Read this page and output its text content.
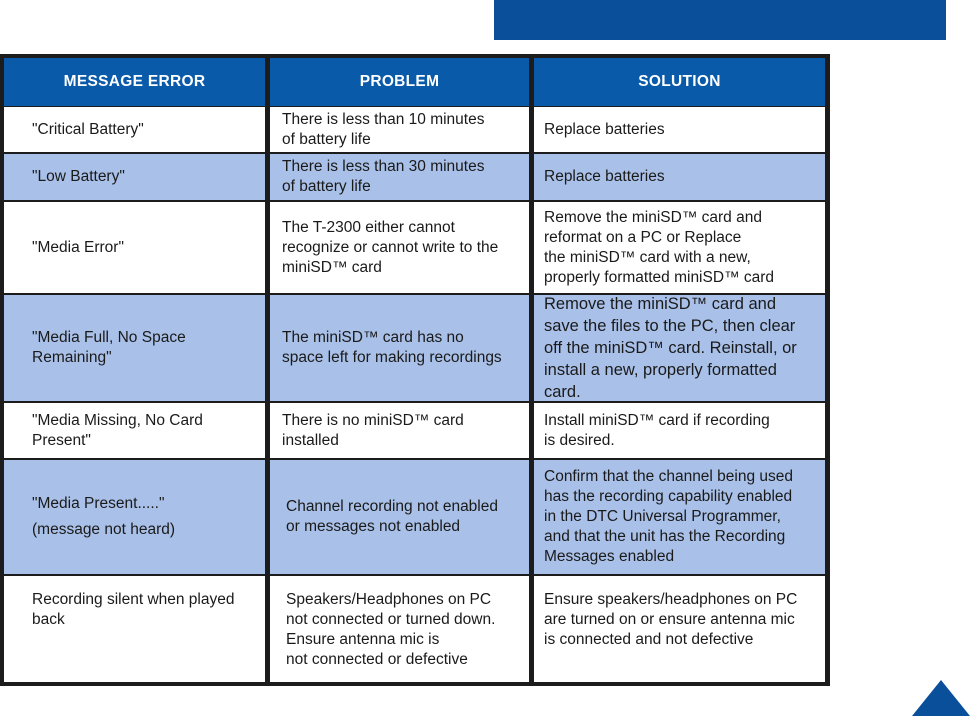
MESSAGE ERROR	PROBLEM	SOLUTION
"Critical Battery"
There is less than 10 minutes
of battery life
Replace batteries
"Low Battery"
There is less than 30 minutes
of battery life
Replace batteries
"Media Error"
The T-2300 either cannot
recognize or cannot write to the
miniSD™ card
Remove the miniSD™ card and
reformat on a PC or Replace
the miniSD™ card with a new,
properly formatted miniSD™ card
"Media Full, No Space
Remaining"
The miniSD™ card has no
space left for making recordings
Remove the miniSD™ card and
save the files to the PC, then clear
off the miniSD™ card. Reinstall, or
install a new, properly formatted
card.
"Media Missing, No Card
Present"
There is no miniSD™ card
installed
Install miniSD™ card if recording
is desired.
"Media Present....."
(message not heard)
Channel recording not enabled
or messages not enabled
Confirm that the channel being used
has the recording capability enabled
in the DTC Universal Programmer,
and that the unit has the Recording
Messages enabled
Recording silent when played
back
Speakers/Headphones on PC
not connected or turned down.
Ensure antenna mic is
not connected or defective
Ensure speakers/headphones on PC
are turned on or ensure antenna mic
is connected and not defective
